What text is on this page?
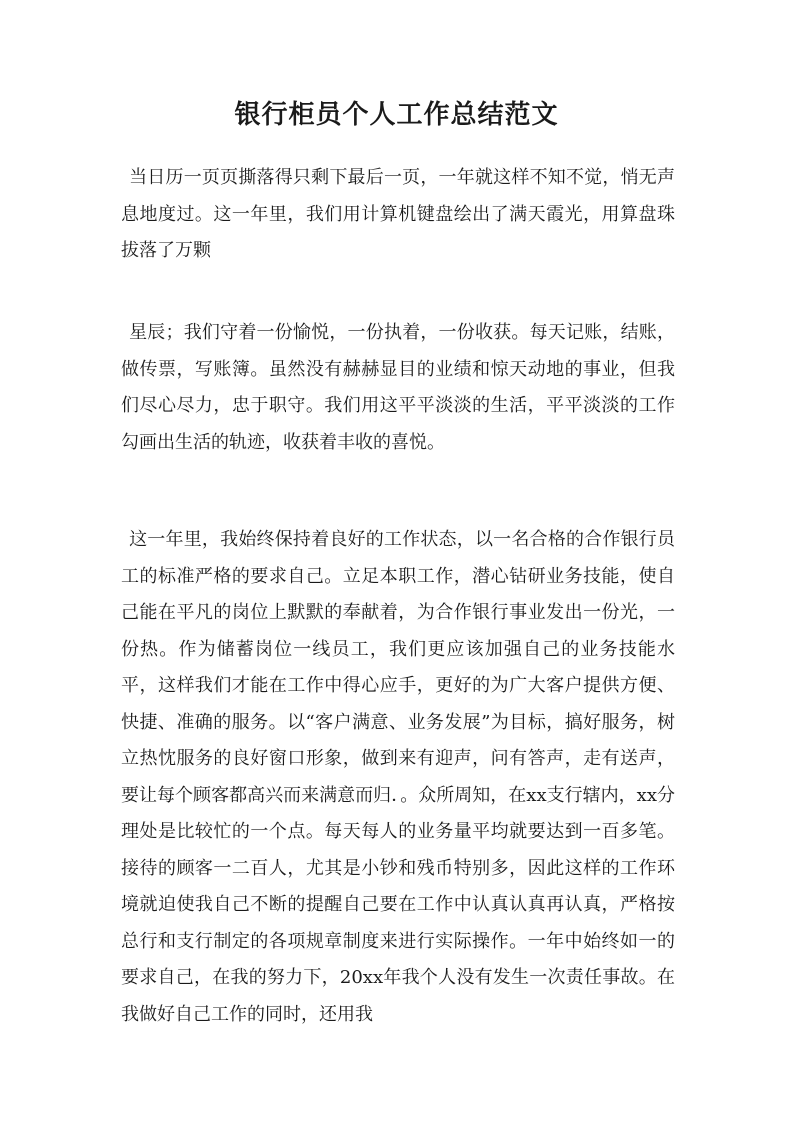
银行柜员个人工作总结范文

当日历一页页撕落得只剩下最后一页，一年就这样不知不觉，悄无声息地度过。这一年里，我们用计算机键盘绘出了满天霞光，用算盘珠拔落了万颗

星辰；我们守着一份愉悦，一份执着，一份收获。每天记账，结账，做传票，写账簿。虽然没有赫赫显目的业绩和惊天动地的事业，但我们尽心尽力，忠于职守。我们用这平平淡淡的生活，平平淡淡的工作勾画出生活的轨迹，收获着丰收的喜悦。

这一年里，我始终保持着良好的工作状态，以一名合格的合作银行员工的标准严格的要求自己。立足本职工作，潜心钻研业务技能，使自己能在平凡的岗位上默默的奉献着，为合作银行事业发出一份光，一份热。作为储蓄岗位一线员工，我们更应该加强自己的业务技能水平，这样我们才能在工作中得心应手，更好的为广大客户提供方便、快捷、准确的服务。以“客户满意、业务发展”为目标，搞好服务，树立热忱服务的良好窗口形象，做到来有迎声，问有答声，走有送声，要让每个顾客都高兴而来满意而归．。众所周知，在xx支行辖内，xx分理处是比较忙的一个点。每天每人的业务量平均就要达到一百多笔。接待的顾客一二百人，尤其是小钞和残币特别多，因此这样的工作环境就迫使我自己不断的提醒自己要在工作中认真认真再认真，严格按总行和支行制定的各项规章制度来进行实际操作。一年中始终如一的要求自己，在我的努力下，20xx年我个人没有发生一次责任事故。在我做好自己工作的同时，还用我
